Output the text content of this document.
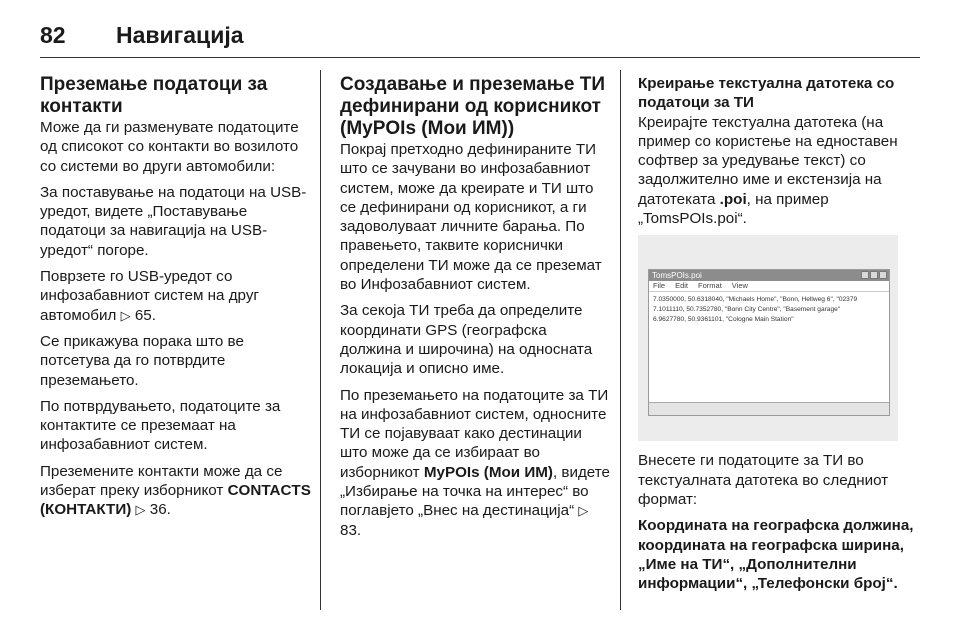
82 Навигација
Преземање податоци за контакти

Може да ги разменувате податоците од списокот со контакти во возилото со системи во други автомобили:

За поставување на податоци на USB-уредот, видете „Поставување податоци за навигација на USB-уредот“ погоре.

Поврзете го USB-уредот со инфозабавниот систем на друг автомобил ▷ 65.

Се прикажува порака што ве потсетува да го потврдите преземањето.

По потврдувањето, податоците за контактите се преземаат на инфозабавниот систем.

Преземените контакти може да се изберат преку изборникот CONTACTS (КОНТАКТИ) ▷ 36.

Создавање и преземање ТИ дефинирани од корисникот (MyPOIs (Мои ИМ))

Покрај претходно дефинираните ТИ што се зачувани во инфозабавниот систем, може да креирате и ТИ што се дефинирани од корисникот, а ги задоволуваат личните барања. По правењето, таквите кориснички определени ТИ може да се преземат во Инфозабавниот систем.

За секоја ТИ треба да определите координати GPS (географска должина и широчина) на односната локација и описно име.

По преземањето на податоците за ТИ на инфозабавниот систем, односните ТИ се појавуваат како дестинации што може да се избираат во изборникот MyPOIs (Мои ИМ), видете „Избирање на точка на интерес“ во поглавјето „Внес на дестинација“ ▷ 83.

Креирање текстуална датотека со податоци за ТИ

Креирајте текстуална датотека (на пример со користење на едноставен софтвер за уредување текст) со задолжително име и екстензија на датотеката .poi, на пример „TomsPOIs.poi“.

TomsPOIs.poi
File Edit Format View
7.0350000, 50.6318040, "Michaels Home", "Bonn, Hellweg 6", "02379
7.1011110, 50.7352780, "Bonn City Centre", "Basement garage"
6.9627780, 50.9361101, "Cologne Main Station"

Внесете ги податоците за ТИ во текстуалната датотека во следниот формат:

Координата на географска должина, координата на географска ширина, „Име на ТИ“, „Дополнителни информации“, „Телефонски број“.
